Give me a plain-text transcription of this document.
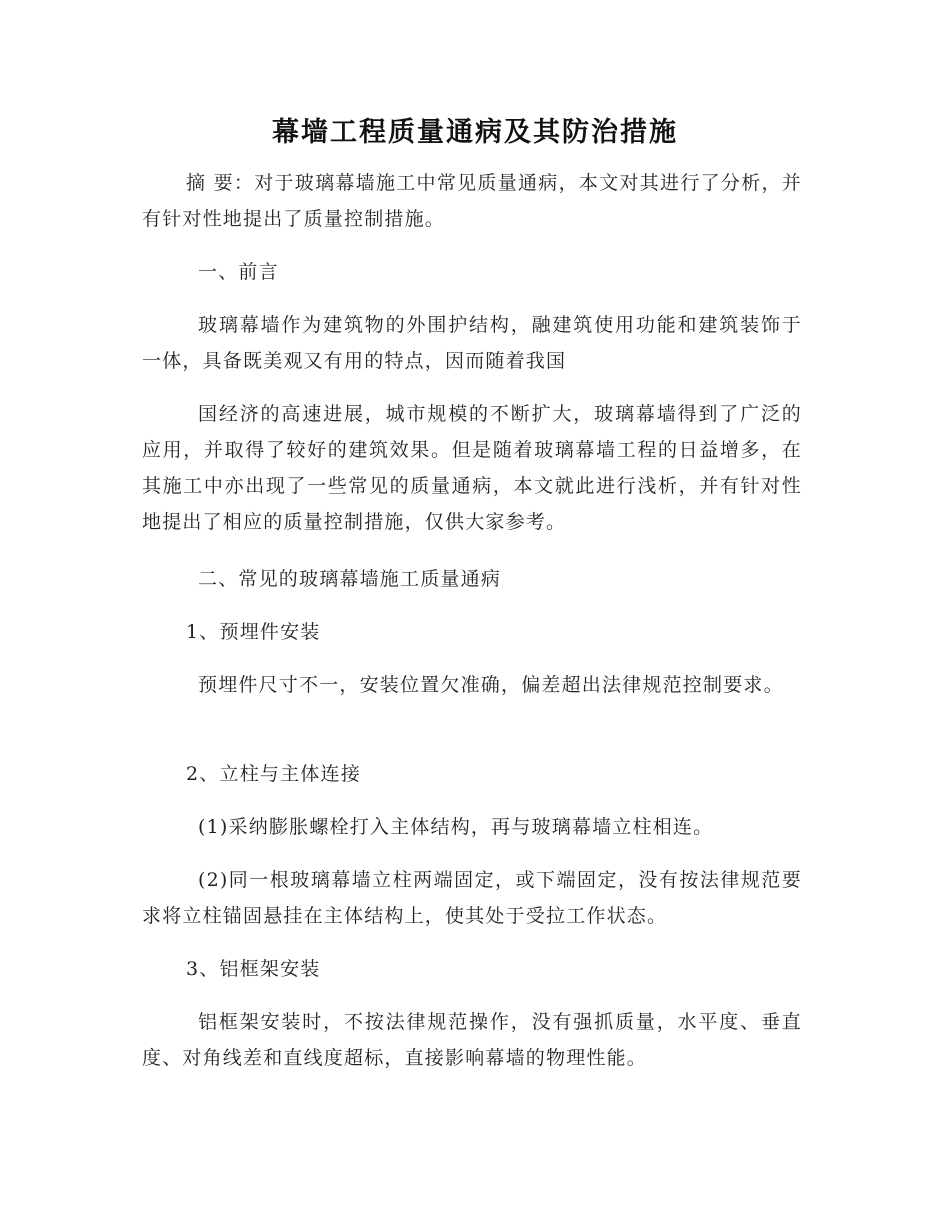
幕墙工程质量通病及其防治措施

摘 要：对于玻璃幕墙施工中常见质量通病，本文对其进行了分析，并有针对性地提出了质量控制措施。

一、前言

玻璃幕墙作为建筑物的外围护结构，融建筑使用功能和建筑装饰于一体，具备既美观又有用的特点，因而随着我国

国经济的高速进展，城市规模的不断扩大，玻璃幕墙得到了广泛的应用，并取得了较好的建筑效果。但是随着玻璃幕墙工程的日益增多，在其施工中亦出现了一些常见的质量通病，本文就此进行浅析，并有针对性地提出了相应的质量控制措施，仅供大家参考。

二、常见的玻璃幕墙施工质量通病

1、预埋件安装

预埋件尺寸不一，安装位置欠准确，偏差超出法律规范控制要求。

2、立柱与主体连接

(1)采纳膨胀螺栓打入主体结构，再与玻璃幕墙立柱相连。

(2)同一根玻璃幕墙立柱两端固定，或下端固定，没有按法律规范要求将立柱锚固悬挂在主体结构上，使其处于受拉工作状态。

3、铝框架安装

铝框架安装时，不按法律规范操作，没有强抓质量，水平度、垂直度、对角线差和直线度超标，直接影响幕墙的物理性能。
